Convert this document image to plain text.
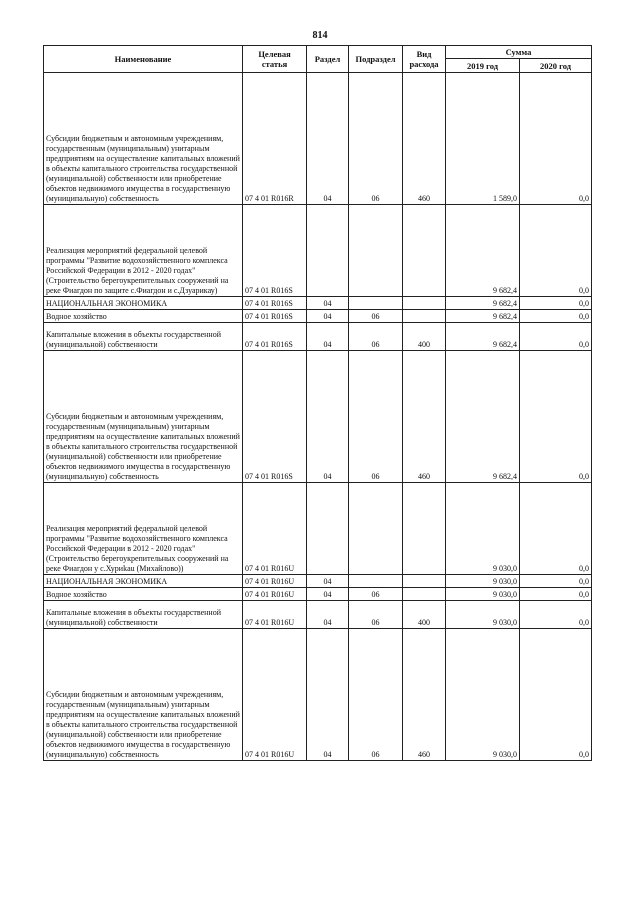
814
Наименование	Целевая статья	Раздел	Подраздел	Вид расхода	Сумма	
					2019 год	2020 год
Субсидии бюджетным и автономным учреждениям, государственным (муниципальным) унитарным предприятиям на осуществление капитальных вложений в объекты капитального строительства государственной (муниципальной) собственности или приобретение объектов недвижимого имущества в государственную (муниципальную) собственность	07 4 01 R016R	04	06	460	1 589,0	0,0
Реализация мероприятий федеральной целевой программы "Развитие водохозяйственного комплекса Российской Федерации в 2012 - 2020 годах" (Строительство берегоукрепительных сооружений на реке Фиагдон по защите с.Фиагдон и с.Дзуарикау)	07 4 01 R016S				9 682,4	0,0
НАЦИОНАЛЬНАЯ ЭКОНОМИКА	07 4 01 R016S	04			9 682,4	0,0
Водное хозяйство	07 4 01 R016S	04	06		9 682,4	0,0
Капитальные вложения в объекты государственной (муниципальной) собственности	07 4 01 R016S	04	06	400	9 682,4	0,0
Субсидии бюджетным и автономным учреждениям, государственным (муниципальным) унитарным предприятиям на осуществление капитальных вложений в объекты капитального строительства государственной (муниципальной) собственности или приобретение объектов недвижимого имущества в государственную (муниципальную) собственность	07 4 01 R016S	04	06	460	9 682,4	0,0
Реализация мероприятий федеральной целевой программы "Развитие водохозяйственного комплекса Российской Федерации в 2012 - 2020 годах" (Строительство берегоукрепительных сооружений на реке Фиагдон у с.Хуриkau (Михайлово))	07 4 01 R016U				9 030,0	0,0
НАЦИОНАЛЬНАЯ ЭКОНОМИКА	07 4 01 R016U	04			9 030,0	0,0
Водное хозяйство	07 4 01 R016U	04	06		9 030,0	0,0
Капитальные вложения в объекты государственной (муниципальной) собственности	07 4 01 R016U	04	06	400	9 030,0	0,0
Субсидии бюджетным и автономным учреждениям, государственным (муниципальным) унитарным предприятиям на осуществление капитальных вложений в объекты капитального строительства государственной (муниципальной) собственности или приобретение объектов недвижимого имущества в государственную (муниципальную) собственность	07 4 01 R016U	04	06	460	9 030,0	0,0
